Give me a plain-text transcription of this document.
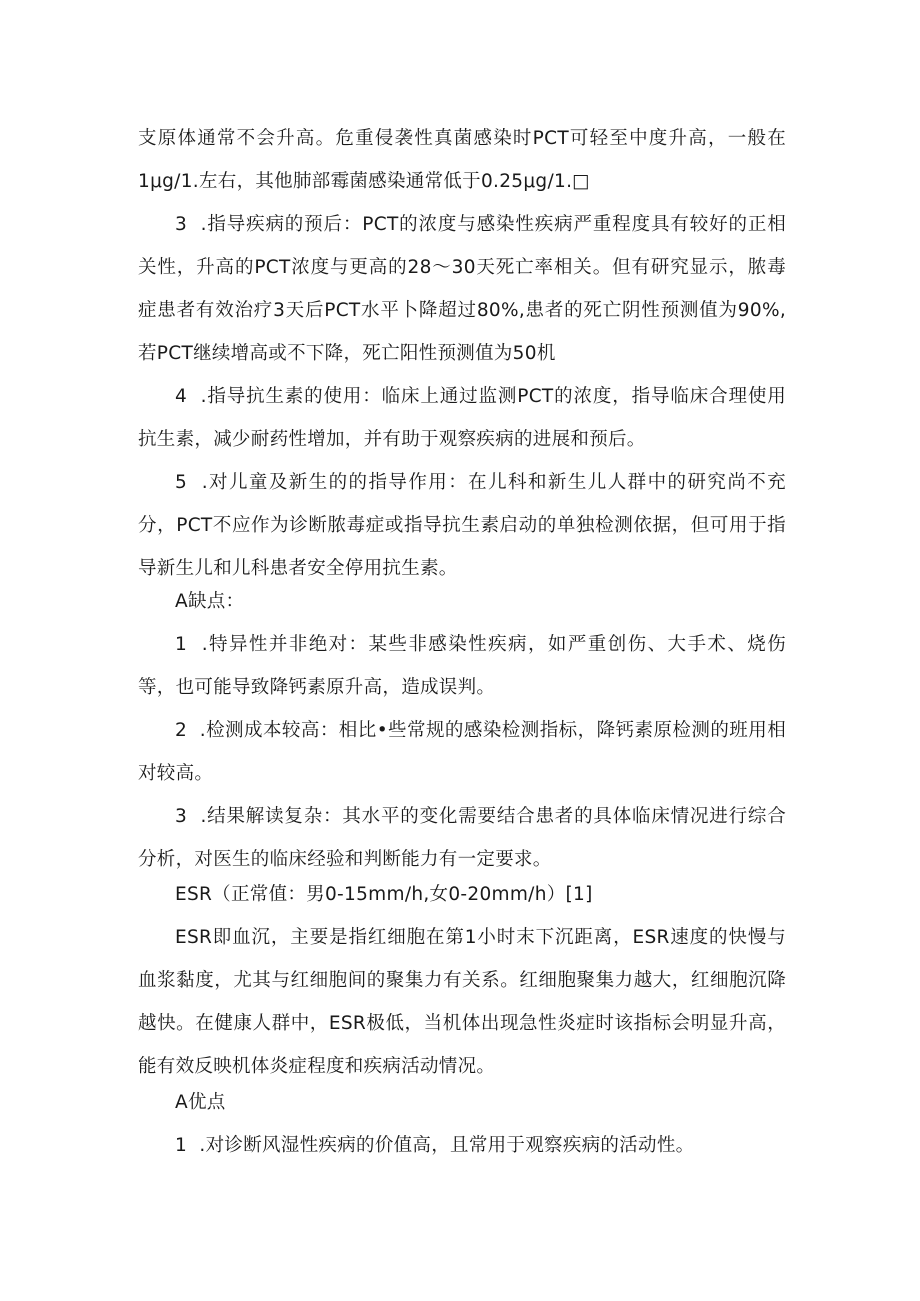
支原体通常不会升高。危重侵袭性真菌感染时PCT可轻至中度升高，一般在1μg∕1.左右，其他肺部霉菌感染通常低于0.25μg∕1.□

3  .指导疾病的预后：PCT的浓度与感染性疾病严重程度具有较好的正相关性，升高的PCT浓度与更高的28～30天死亡率相关。但有研究显示，脓毒症患者有效治疗3天后PCT水平卜降超过80%,患者的死亡阴性预测值为90%,若PCT继续增高或不下降，死亡阳性预测值为50机

4  .指导抗生素的使用：临床上通过监测PCT的浓度，指导临床合理使用抗生素，减少耐药性增加，并有助于观察疾病的进展和预后。

5  .对儿童及新生的的指导作用：在儿科和新生儿人群中的研究尚不充分，PCT不应作为诊断脓毒症或指导抗生素启动的单独检测依据，但可用于指导新生儿和儿科患者安全停用抗生素。

A缺点：

1  .特异性并非绝对：某些非感染性疾病，如严重创伤、大手术、烧伤等，也可能导致降钙素原升高，造成误判。

2  .检测成本较高：相比•些常规的感染检测指标，降钙素原检测的班用相对较高。

3  .结果解读复杂：其水平的变化需要结合患者的具体临床情况进行综合分析，对医生的临床经验和判断能力有一定要求。

ESR（正常值：男0-15mm∕h,女0-20mm∕h）[1]

ESR即血沉，主要是指红细胞在第1小时末下沉距离，ESR速度的快慢与血浆黏度，尤其与红细胞间的聚集力有关系。红细胞聚集力越大，红细胞沉降越快。在健康人群中，ESR极低，当机体出现急性炎症时该指标会明显升高，能有效反映机体炎症程度和疾病活动情况。

A优点

1  .对诊断风湿性疾病的价值高，且常用于观察疾病的活动性。
